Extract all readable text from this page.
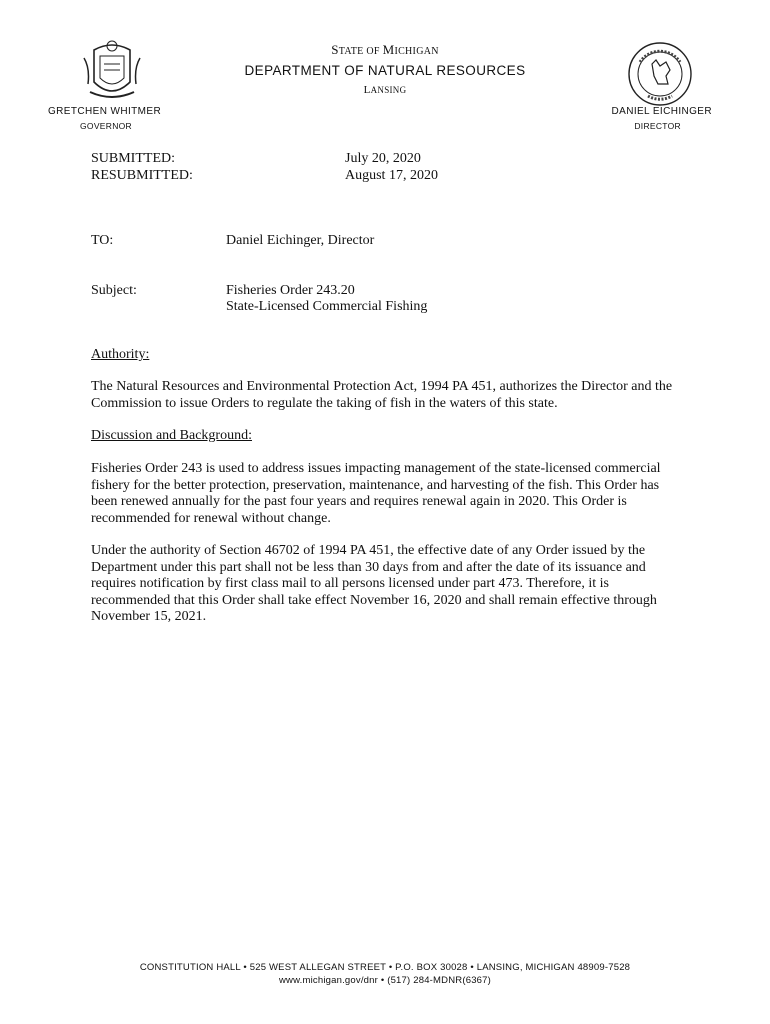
STATE OF MICHIGAN
DEPARTMENT OF NATURAL RESOURCES
LANSING
GRETCHEN WHITMER
GOVERNOR
DANIEL EICHINGER
DIRECTOR
SUBMITTED:	July 20, 2020
RESUBMITTED:	August 17, 2020
TO:	Daniel Eichinger, Director
Subject:	Fisheries Order 243.20
State-Licensed Commercial Fishing
Authority:
The Natural Resources and Environmental Protection Act, 1994 PA 451, authorizes the Director and the Commission to issue Orders to regulate the taking of fish in the waters of this state.
Discussion and Background:
Fisheries Order 243 is used to address issues impacting management of the state-licensed commercial fishery for the better protection, preservation, maintenance, and harvesting of the fish. This Order has been renewed annually for the past four years and requires renewal again in 2020. This Order is recommended for renewal without change.
Under the authority of Section 46702 of 1994 PA 451, the effective date of any Order issued by the Department under this part shall not be less than 30 days from and after the date of its issuance and requires notification by first class mail to all persons licensed under part 473. Therefore, it is recommended that this Order shall take effect November 16, 2020 and shall remain effective through November 15, 2021.
CONSTITUTION HALL • 525 WEST ALLEGAN STREET • P.O. BOX 30028 • LANSING, MICHIGAN 48909-7528
www.michigan.gov/dnr • (517) 284-MDNR(6367)
